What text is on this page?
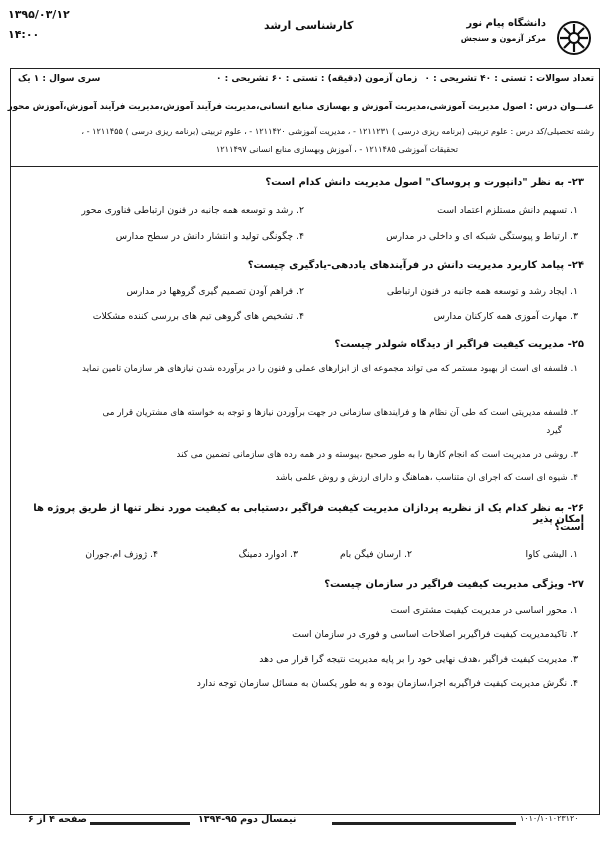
۱۳۹۵/۰۳/۱۲
۱۴:۰۰
کارشناسی ارشد	دانشگاه پیام نور
مرکز آزمون و سنجش
تعداد سوالات : تستی : ۴۰ تشریحی : ۰
زمان آزمون (دقیقه) : تستی : ۶۰ تشریحی : ۰
سری سوال : ۱ یک
عنـــوان درس : اصول مدیریت آموزشی،مدیریت آموزش و بهسازی منابع انسانی،مدیریت فرآیند آموزش،مدیریت فرآیند آموزش،آموزش محور
رشته تحصیلی/کد درس : علوم تربیتی (برنامه ریزی درسی ) ۱۲۱۱۲۳۱ - ، مدیریت آموزشی ۱۲۱۱۴۲۰ - ، علوم تربیتی (برنامه ریزی درسی ) ۱۲۱۱۴۵۵ - ،
تحقیقات آموزشی ۱۲۱۱۴۸۵ - ، آموزش وبهسازی منابع انسانی ۱۲۱۱۴۹۷
۲۳- به نظر "دانپورت و پروساک" اصول مدیریت دانش کدام است؟
۱. تسهیم دانش مستلزم اعتماد است
۲. رشد و توسعه همه جانبه در فنون ارتباطی فناوری محور
۳. ارتباط و پیوستگی شبکه ای و داخلی در مدارس
۴. چگونگی تولید و انتشار دانش در سطح مدارس
۲۴- پیامد کاربرد مدیریت دانش در فرآیندهای یاددهی-یادگیری چیست؟
۱. ایجاد رشد و توسعه همه جانبه در فنون ارتباطی
۲. فراهم آودن تصمیم گیری گروهها در مدارس
۳. مهارت آموزی همه کارکنان مدارس
۴. تشخیص های گروهی تیم های بررسی کننده مشکلات
۲۵- مدیریت کیفیت فراگیر از دیدگاه شولدر چیست؟
۱. فلسفه ای است از بهبود مستمر که می تواند مجموعه ای از ابزارهای عملی و فنون را در برآورده شدن نیازهای هر سازمان تامین نماید
۲. فلسفه مدیریتی است که طی آن نظام ها و فرایندهای سازمانی در جهت برآوردن نیازها و توجه به خواسته های مشتریان قرار می
گیرد
۳. روشی در مدیریت است که انجام کارها را به طور صحیح ،پیوسته و در همه رده های سازمانی تضمین می کند
۴. شیوه ای است که اجرای ان متناسب ،هماهنگ و دارای ارزش و روش علمی باشد
۲۶- به نظر کدام یک از نظریه پردازان مدیریت کیفیت فراگیر ،دستیابی به کیفیت مورد نظر تنها از طریق پروژه ها امکان پذیر
است؟
۱. الیشی کاوا
۲. ارسان فیگن بام
۳. ادوارد دمینگ
۴. ژوزف ام.جوران
۲۷- ویژگی مدیریت کیفیت فراگیر در سازمان چیست؟
۱. محور اساسی در مدیریت کیفیت مشتری است
۲. تاکیدمدیریت کیفیت فراگیربر اصلاحات اساسی و فوری در سازمان است
۳. مدیریت کیفیت فراگیر ،هدف نهایی خود را بر پایه مدیریت نتیجه گرا قرار می دهد
۴. نگرش مدیریت کیفیت فراگیربه اجرا،سازمان بوده و به طور یکسان به مسائل سازمان توجه ندارد
صفحه ۴ از ۶	نیمسال دوم ۹۵-۱۳۹۴	۱۰۱۰/۱۰۱۰۲۳۱۲۰
